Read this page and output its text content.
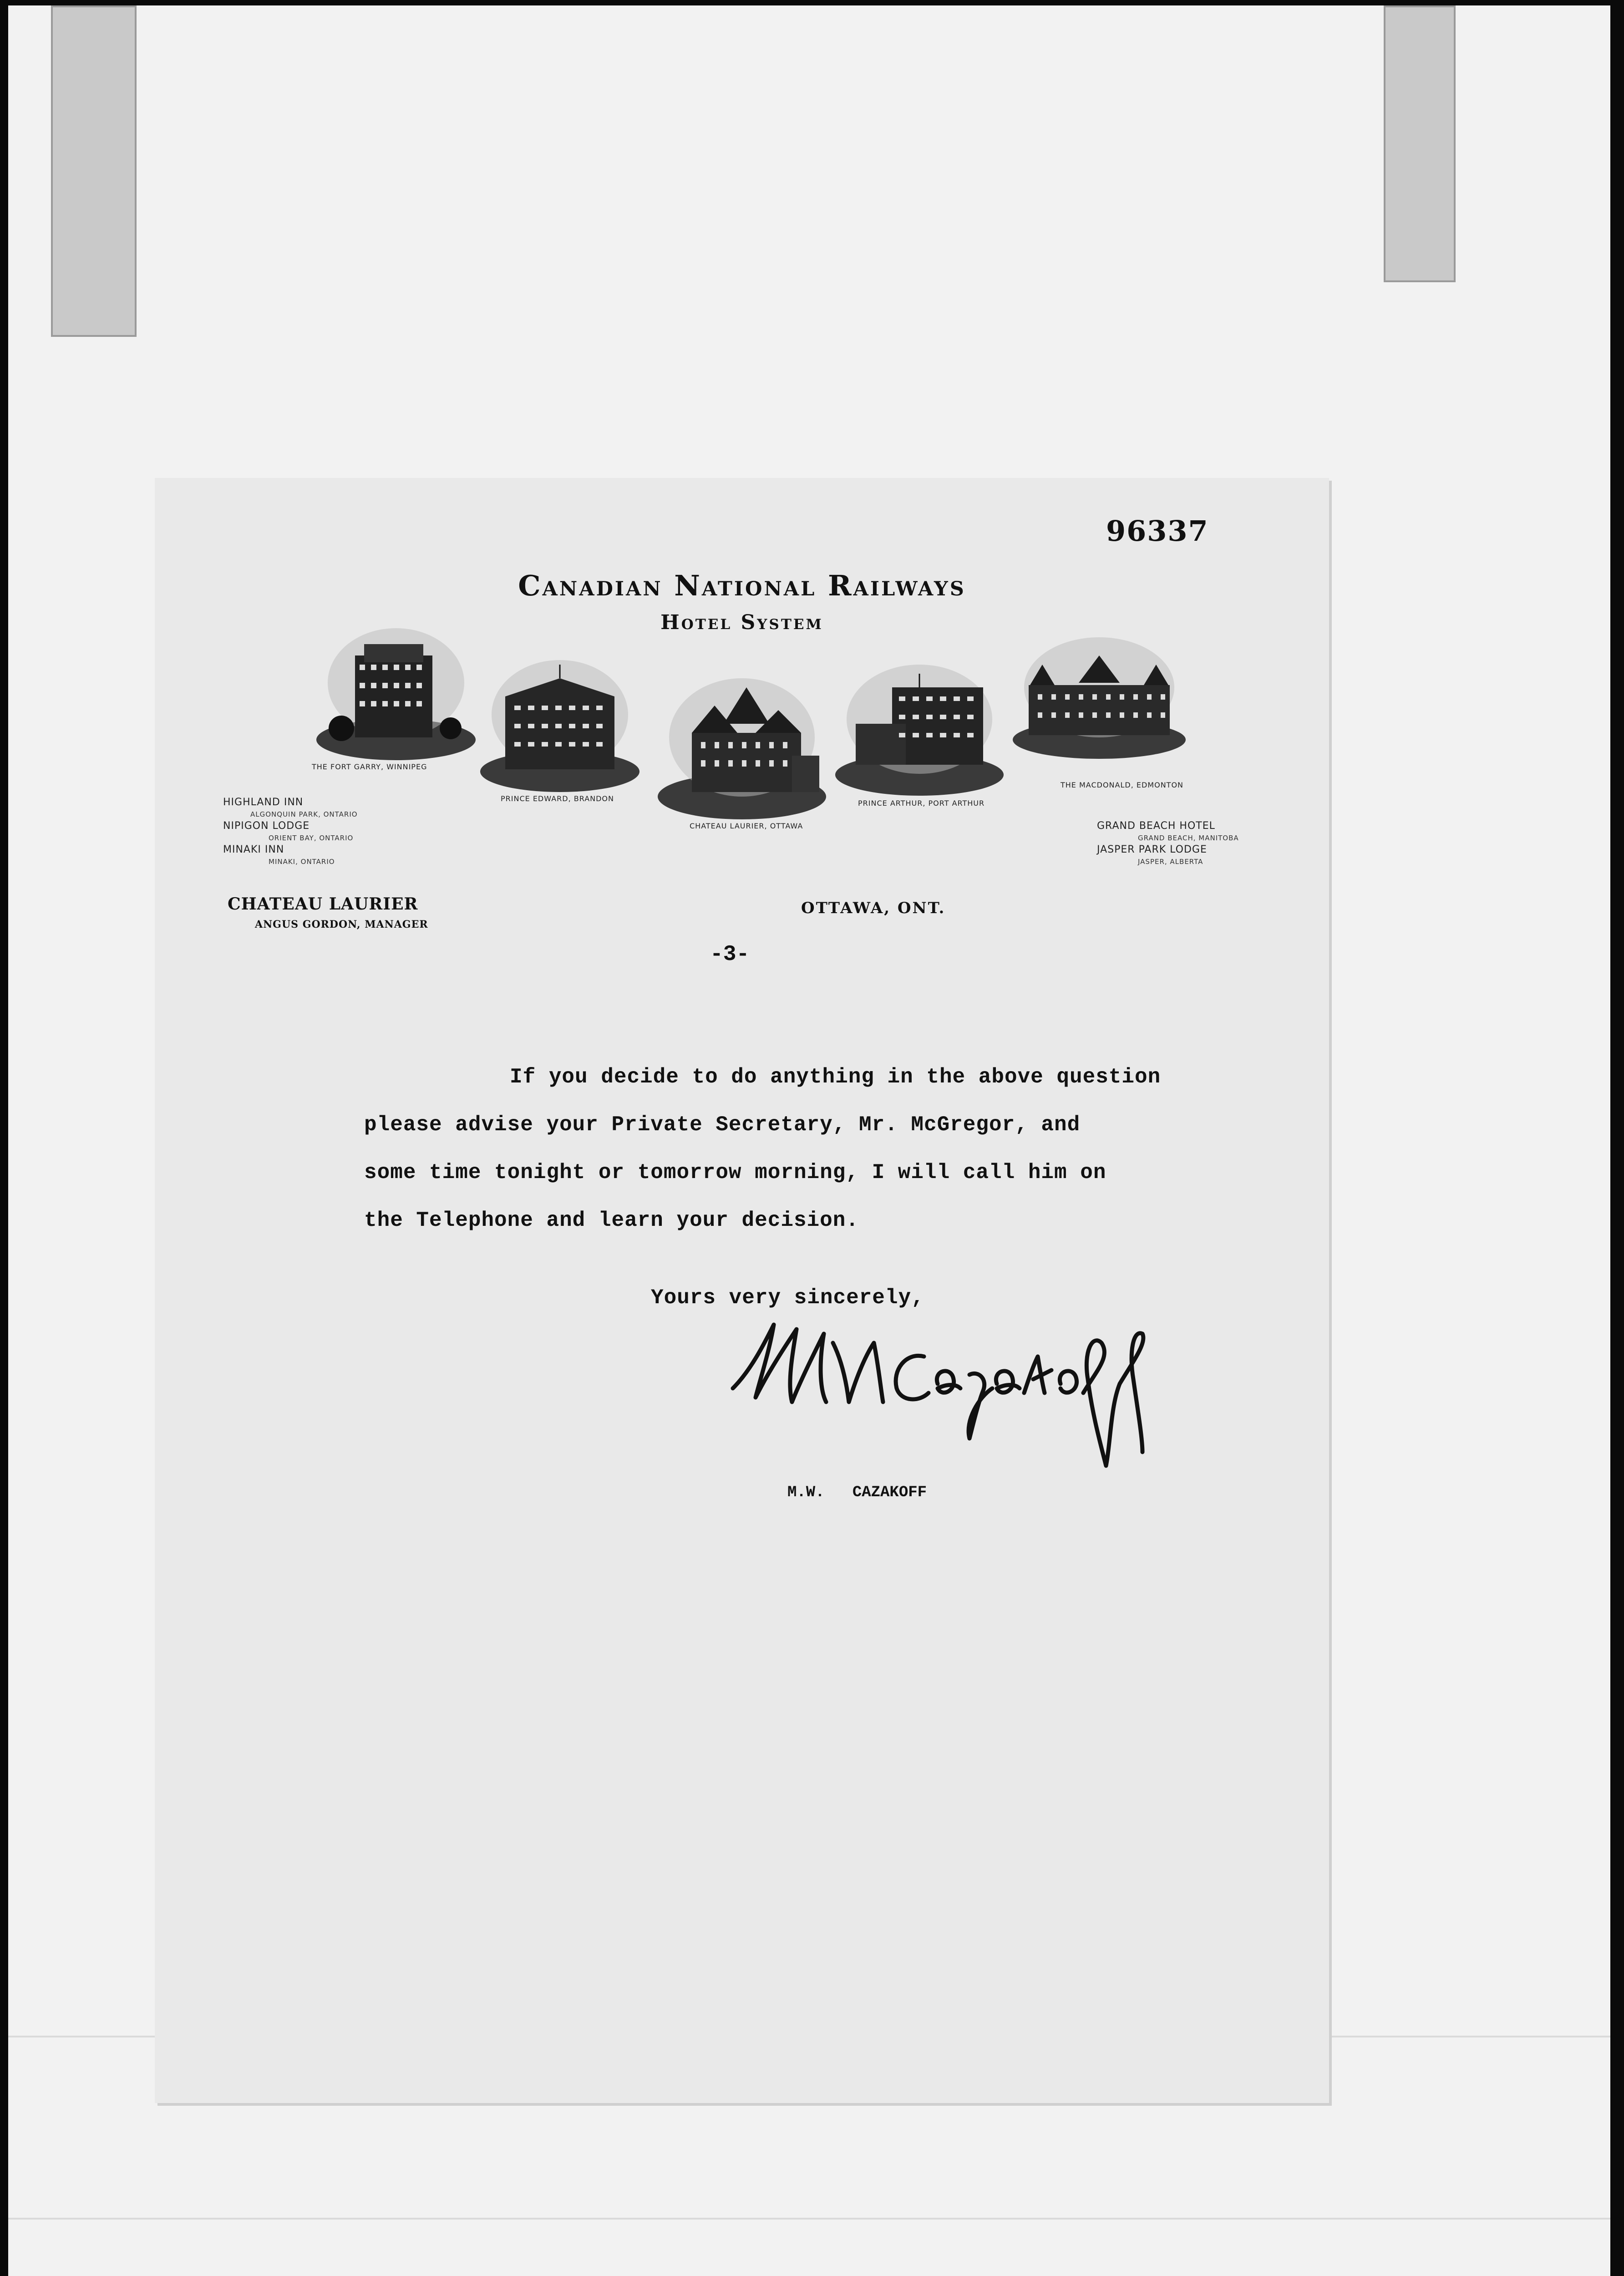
96337
Canadian National Railways
Hotel System
THE FORT GARRY, WINNIPEG
PRINCE EDWARD, BRANDON
CHATEAU LAURIER, OTTAWA
PRINCE ARTHUR, PORT ARTHUR
THE MACDONALD, EDMONTON
HIGHLAND INN
ALGONQUIN PARK, ONTARIO
NIPIGON LODGE
ORIENT BAY, ONTARIO
MINAKI INN
MINAKI, ONTARIO
GRAND BEACH HOTEL
GRAND BEACH, MANITOBA
JASPER PARK LODGE
JASPER, ALBERTA
CHATEAU LAURIER
ANGUS GORDON, MANAGER
OTTAWA, ONT.
-3-
If you decide to do anything in the above question
please advise your Private Secretary, Mr. McGregor, and
some time tonight or tomorrow morning, I will call him on
the Telephone and learn your decision.
Yours very sincerely,
M.W.   CAZAKOFF
